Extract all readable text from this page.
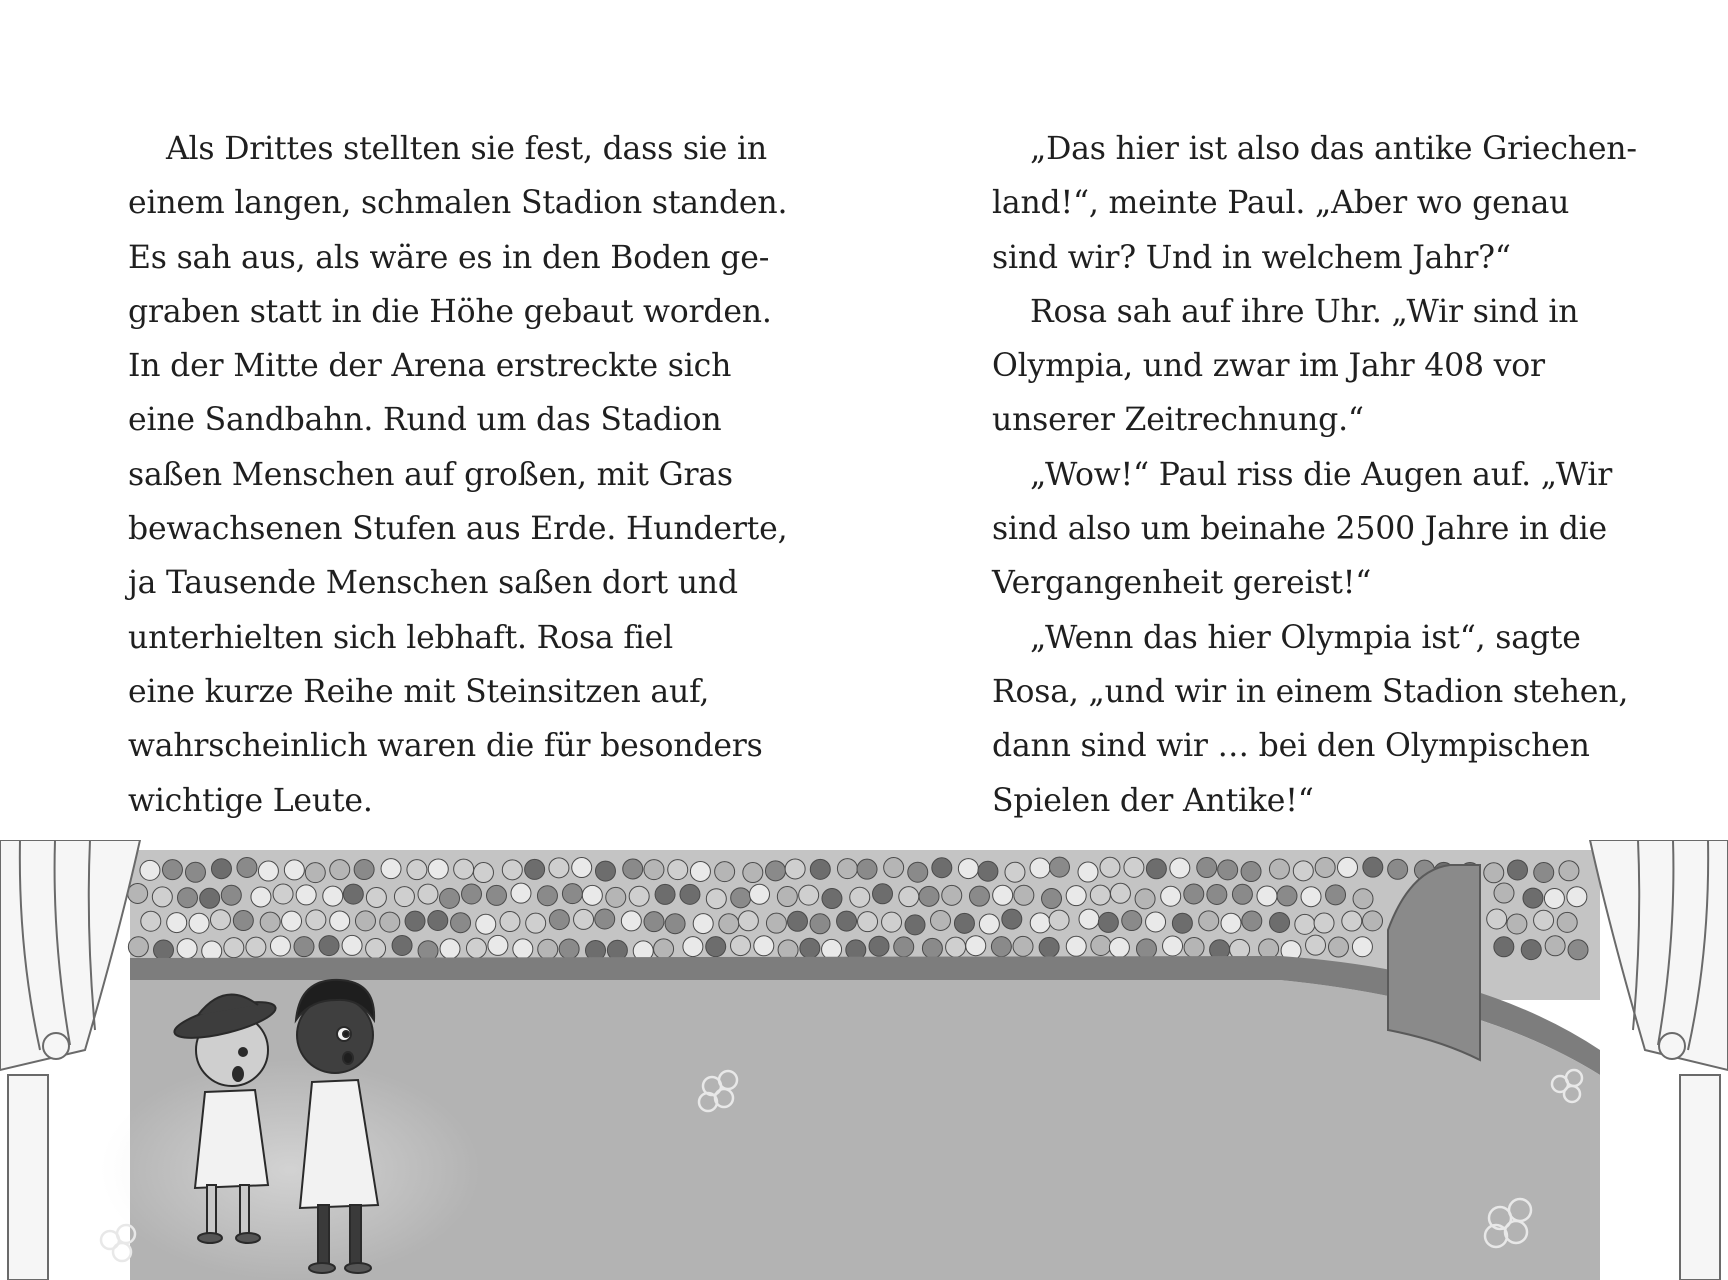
Als Drittes stellten sie fest, dass sie in
einem langen, schmalen Stadion standen.
Es sah aus, als wäre es in den Boden ge-
graben statt in die Höhe gebaut worden.
In der Mitte der Arena erstreckte sich
eine Sandbahn. Rund um das Stadion
saßen Menschen auf großen, mit Gras
bewachsenen Stufen aus Erde. Hunderte,
ja Tausende Menschen saßen dort und
unterhielten sich lebhaft. Rosa fiel
eine kurze Reihe mit Steinsitzen auf,
wahrscheinlich waren die für besonders
wichtige Leute.
„Das hier ist also das antike Griechen-
land!“, meinte Paul. „Aber wo genau
sind wir? Und in welchem Jahr?“
Rosa sah auf ihre Uhr. „Wir sind in
Olympia, und zwar im Jahr 408 vor
unserer Zeitrechnung.“
„Wow!“ Paul riss die Augen auf. „Wir
sind also um beinahe 2500 Jahre in die
Vergangenheit gereist!“
„Wenn das hier Olympia ist“, sagte
Rosa, „und wir in einem Stadion stehen,
dann sind wir … bei den Olympischen
Spielen der Antike!“
